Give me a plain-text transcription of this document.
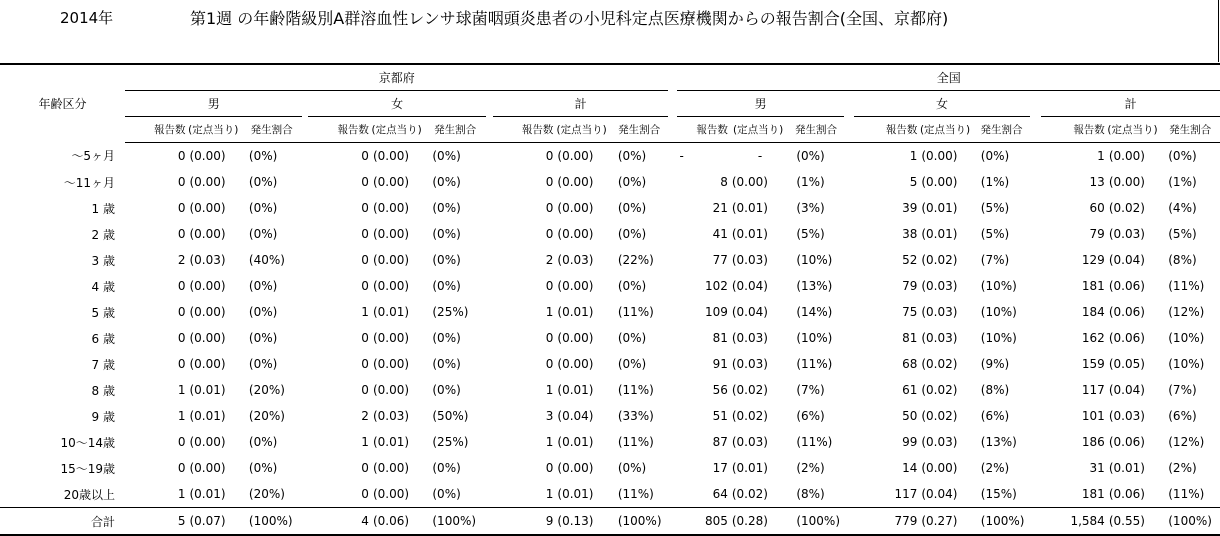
2014年	第1週 の年齢階級別A群溶血性レンサ球菌咽頭炎患者の小児科定点医療機関からの報告割合(全国、京都府)
年齢区分	京都府												全国										
	男				女				計				男				女				計		
	報告数	(定点当り)	発生割合		報告数	(定点当り)	発生割合		報告数	(定点当り)	発生割合		報告数	(定点当り)	発生割合		報告数	(定点当り)	発生割合		報告数	(定点当り)	発生割合
〜5ヶ月	0	(0.00)	(0%)		0	(0.00)	(0%)		0	(0.00)	(0%)		-	-	(0%)		1	(0.00)	(0%)		1	(0.00)	(0%)
〜11ヶ月	0	(0.00)	(0%)		0	(0.00)	(0%)		0	(0.00)	(0%)		8	(0.00)	(1%)		5	(0.00)	(1%)		13	(0.00)	(1%)
1 歳	0	(0.00)	(0%)		0	(0.00)	(0%)		0	(0.00)	(0%)		21	(0.01)	(3%)		39	(0.01)	(5%)		60	(0.02)	(4%)
2 歳	0	(0.00)	(0%)		0	(0.00)	(0%)		0	(0.00)	(0%)		41	(0.01)	(5%)		38	(0.01)	(5%)		79	(0.03)	(5%)
3 歳	2	(0.03)	(40%)		0	(0.00)	(0%)		2	(0.03)	(22%)		77	(0.03)	(10%)		52	(0.02)	(7%)		129	(0.04)	(8%)
4 歳	0	(0.00)	(0%)		0	(0.00)	(0%)		0	(0.00)	(0%)		102	(0.04)	(13%)		79	(0.03)	(10%)		181	(0.06)	(11%)
5 歳	0	(0.00)	(0%)		1	(0.01)	(25%)		1	(0.01)	(11%)		109	(0.04)	(14%)		75	(0.03)	(10%)		184	(0.06)	(12%)
6 歳	0	(0.00)	(0%)		0	(0.00)	(0%)		0	(0.00)	(0%)		81	(0.03)	(10%)		81	(0.03)	(10%)		162	(0.06)	(10%)
7 歳	0	(0.00)	(0%)		0	(0.00)	(0%)		0	(0.00)	(0%)		91	(0.03)	(11%)		68	(0.02)	(9%)		159	(0.05)	(10%)
8 歳	1	(0.01)	(20%)		0	(0.00)	(0%)		1	(0.01)	(11%)		56	(0.02)	(7%)		61	(0.02)	(8%)		117	(0.04)	(7%)
9 歳	1	(0.01)	(20%)		2	(0.03)	(50%)		3	(0.04)	(33%)		51	(0.02)	(6%)		50	(0.02)	(6%)		101	(0.03)	(6%)
10〜14歳	0	(0.00)	(0%)		1	(0.01)	(25%)		1	(0.01)	(11%)		87	(0.03)	(11%)		99	(0.03)	(13%)		186	(0.06)	(12%)
15〜19歳	0	(0.00)	(0%)		0	(0.00)	(0%)		0	(0.00)	(0%)		17	(0.01)	(2%)		14	(0.00)	(2%)		31	(0.01)	(2%)
20歳以上	1	(0.01)	(20%)		0	(0.00)	(0%)		1	(0.01)	(11%)		64	(0.02)	(8%)		117	(0.04)	(15%)		181	(0.06)	(11%)
合計	5	(0.07)	(100%)		4	(0.06)	(100%)		9	(0.13)	(100%)		805	(0.28)	(100%)		779	(0.27)	(100%)		1,584	(0.55)	(100%)
